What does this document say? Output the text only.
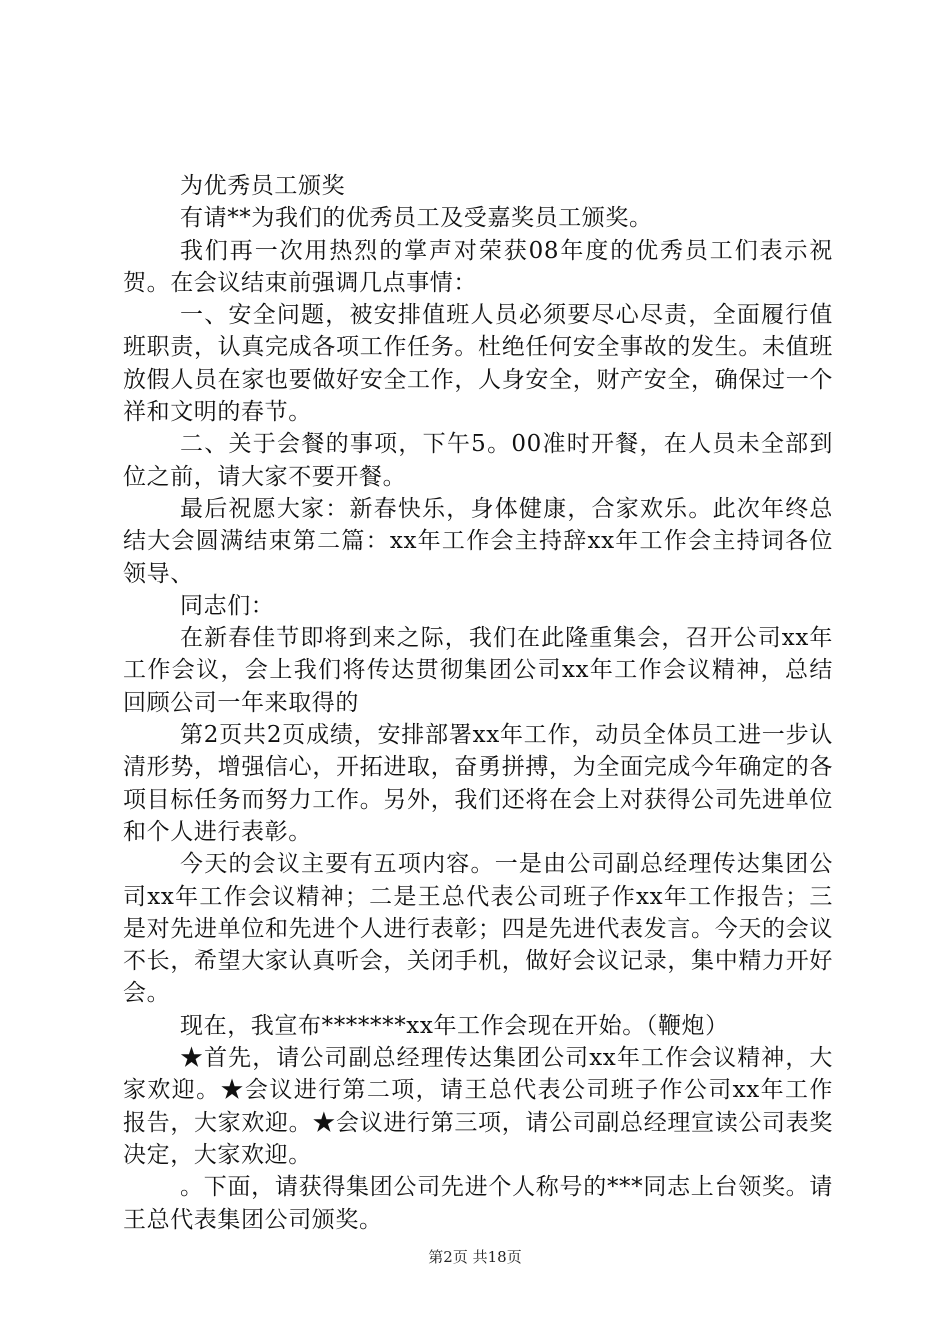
为优秀员工颁奖

有请**为我们的优秀员工及受嘉奖员工颁奖。

我们再一次用热烈的掌声对荣获08年度的优秀员工们表示祝贺。在会议结束前强调几点事情：

一、安全问题，被安排值班人员必须要尽心尽责，全面履行值班职责，认真完成各项工作任务。杜绝任何安全事故的发生。未值班放假人员在家也要做好安全工作，人身安全，财产安全，确保过一个祥和文明的春节。

二、关于会餐的事项，下午5。00准时开餐，在人员未全部到位之前，请大家不要开餐。

最后祝愿大家：新春快乐，身体健康，合家欢乐。此次年终总结大会圆满结束第二篇：xx年工作会主持辞xx年工作会主持词各位领导、

同志们：

在新春佳节即将到来之际，我们在此隆重集会，召开公司xx年工作会议，会上我们将传达贯彻集团公司xx年工作会议精神，总结回顾公司一年来取得的

第2页共2页成绩，安排部署xx年工作，动员全体员工进一步认清形势，增强信心，开拓进取，奋勇拼搏，为全面完成今年确定的各项目标任务而努力工作。另外，我们还将在会上对获得公司先进单位和个人进行表彰。

今天的会议主要有五项内容。一是由公司副总经理传达集团公司xx年工作会议精神；二是王总代表公司班子作xx年工作报告；三是对先进单位和先进个人进行表彰；四是先进代表发言。今天的会议不长，希望大家认真听会，关闭手机，做好会议记录，集中精力开好会。

现在，我宣布*******xx年工作会现在开始。（鞭炮）

★首先，请公司副总经理传达集团公司xx年工作会议精神，大家欢迎。★会议进行第二项，请王总代表公司班子作公司xx年工作报告，大家欢迎。★会议进行第三项，请公司副总经理宣读公司表奖决定，大家欢迎。

。下面，请获得集团公司先进个人称号的***同志上台领奖。请王总代表集团公司颁奖。

第2页 共18页
